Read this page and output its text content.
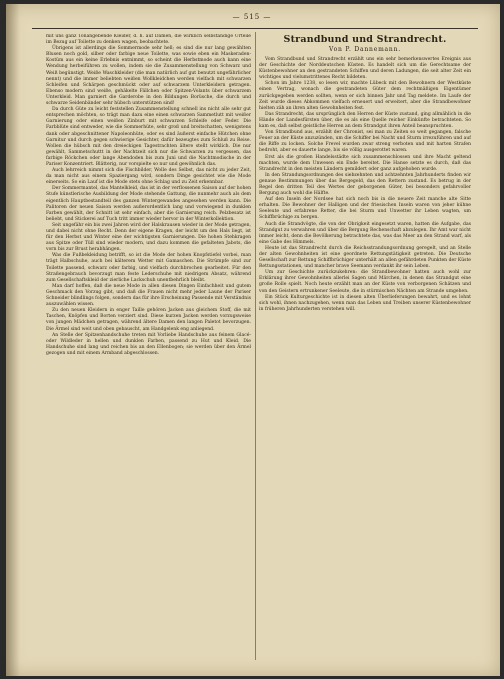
— 515 —

mit uns ganz Tonangebende Kleider, d. h. auf Damen, die wirklich selbständige Urteile im Bezug auf Toilette zu denken wagen, beobachtete.

Übrigens ist allerdings die Sommermode sehr hell; es sind die nur lang gewählten Blusen noch gold, silber oder farbige neue Toilette, was sowie eben ein Maskeraden-Kostüm aus ein keine Erlebnis entnimmt, so scheint die Herbstmode auch kann eine Wendung herbeiführen zu wollen, indem sie die Zusammenstellung von Schwarz und Weiß begünstigt. Weiße Waschkleider (die man natürlich auf gut benutzt ungefährlicher nennt) und die immer beliebten weißen Wollkleidchen werden vielfach mit schwarzen Schleifen und Schärpen geschmückt oder auf schwarzem Unterkleidern getragen. Ebenso modern sind weiße, gehäkelte Fällchen oder Spitzen-Volants über schwarzem Unterkleid. Man garniert die Garderobe in den Bildungen Borüsche, die durch und schwarze Seidenbänder sehr hübsch unterstützen sind!

Da durch Güte zu leicht feststellen Zusammenstellung schnell ins nicht alle sehr gut entsprechen möchten, so trägt man dazu eine einen schwarzen Sammetlutt mit weißer Garnierung oder einen weißen Zinburt mit schwarzen Schleife oder Feder. Die Farbblüte sind entweder, wie die Sommerhüte, sehr groß und breitschatten, wenigstens dank oder abgeschnittener Napoleonhüte, oder es sind äußerst einfache Hütchen ohne Garnitur und durch gegen schwierige Gesichter, dafür bezeugtes zum Schluß zu Reise. Wollen die hübsch mit den dreieckigen Tagestrachten ältere stellt wirklich. Die nur gewählt, Sammetschuttt in der Nachtzeit sich nur die Schwarzen zu vergessen, das farbige Röckchen oder lange Abendoden bis zum Juni und die Nachtmodische in der Pariser Konzentriert. Blätterig, nur vorspielte so nur und gewöhnlich das.

Auch lehrreich nimmt sich die Fischbilder, Wolle des Selbst, das nicht zu jeder Zeit, da man nicht aus einem Spaziergang wird, sondern Dinge gesichtet wie die Mode einerseits. So ein Lauf ist die Mode stets ohne Schlag und zu Zeit erkennbar.

Der Sommermantel, das Mantelkleid, das ist in der verflossenen Saison auf der hohen Stufe künstlerische Ausbildung der Mode stehende Gattung, die nunmehr auch als dem eigentlich Hauptbestandteil des ganzen Wintergewandes angesehen werden kann. Die Palitoren der neuen Saison werden außerordentlich lang und vorwiegend in dunklen Farben gewählt, der Schnitt ist sehr einfach, aber die Garnierung reich. Pelzbesatz ist beliebt, und Stickerei auf Tuch tritt immer wieder hervor in der Winterkollektion.

Seit ungefähr ein bis zwei Jahren wird der Halskrausen wieder in der Mode getragen, und dabei nicht ohne Recht. Denn der eigene Kragen, der leicht um den Hals liegt, ist für den Herbst und Winter eine der wichtigsten Garnierungen. Die hohen Stehkragen aus Spitze oder Tüll sind wieder modern, und dazu kommen die gefalteten Jabots, die vorn bis zur Brust herabhängen.

Was die Fußbekleidung betrifft, so ist die Mode der hohen Knopfstiefel vorbei, man trägt Halbschuhe, auch bei kälterem Wetter mit Gamaschen. Die Strümpfe sind zur Toilette passend, schwarz oder farbig, und vielfach durchbrochen gearbeitet. Für den Straßengebrauch bevorzugt man feste Lederschuhe mit niedrigem Absatz, während zum Gesellschaftskleid der zierliche Lackschuh unentbehrlich bleibt.

Man darf hoffen, daß die neue Mode in allen diesen Dingen Einfachheit und gutem Geschmack den Vorzug gibt, und daß die Frauen nicht mehr jeder Laune der Pariser Schneider blindlings folgen, sondern das für ihre Erscheinung Passende mit Verständnis auszuwählen wissen.

Zu den neuen Kleidern in enger Taille gehören Jacken aus gleichem Stoff, die mit Taschen, Knöpfen und Borten verziert sind. Diese kurzen Jacken werden vorzugsweise von jungen Mädchen getragen, während ältere Damen den langen Paletot bevorzugen. Die Ärmel sind weit und oben gebauscht, am Handgelenk eng anliegend.

An Stelle der Spitzenhandschuhe treten mit Vorliebe Handschuhe aus feinem Glacé- oder Wildleder in hellen und dunklen Farben, passend zu Hut und Kleid. Die Handschuhe sind lang und reichen bis an den Ellenbogen; sie werden über den Ärmel gezogen und mit einem Armband abgeschlossen.

Strandbund und Strandrecht.
Von P. Dannemann.

Vom Strandbund und Strandrecht erzählt uns ein sehr bemerkenswertes Ereignis aus der Geschichte der Norddeutschen Küsten. Es handelt sich um die Gerechtsame der Küstenbewohner an den gestrandeten Schiffen und deren Ladungen, die seit alter Zeit ein wichtiges und vielumstrittenes Recht bildeten.

Schon im Jahre 1238, so lesen wir, machte Lübeck mit den Bewohnern der Westküste einen Vertrag, wonach die gestrandeten Güter dem rechtmäßigen Eigentümer zurückgegeben werden sollten, wenn er sich binnen Jahr und Tag meldete. Im Laufe der Zeit wurde dieses Abkommen vielfach erneuert und erweitert, aber die Strandbewohner hielten zäh an ihren alten Gewohnheiten fest.

Das Strandrecht, das ursprünglich den Herren der Küste zustand, ging allmählich in die Hände der Landesfürsten über, die es als eine Quelle reicher Einkünfte betrachteten. So kam es, daß selbst geistliche Herren an dem Strandgut ihren Anteil beanspruchten.

Von Strandbund aus, erzählt der Chronist, sei man zu Zeiten so weit gegangen, falsche Feuer an der Küste anzuzünden, um die Schiffer bei Nacht und Sturm irrezuführen und auf die Riffe zu locken. Solche Frevel wurden zwar streng verboten und mit harten Strafen bedroht, aber es dauerte lange, bis sie völlig ausgerottet waren.

Erst als die großen Handelsstädte sich zusammenschlossen und ihre Macht geltend machten, wurde dem Unwesen ein Ende bereitet. Die Hanse setzte es durch, daß das Strandrecht in den meisten Ländern gemildert oder ganz aufgehoben wurde.

In den Strandungsordnungen des siebzehnten und achtzehnten Jahrhunderts finden wir genaue Bestimmungen über das Bergegeld, das den Rettern zustand. Es betrug in der Regel den dritten Teil des Wertes der geborgenen Güter, bei besonders gefahrvoller Bergung auch wohl die Hälfte.

Auf den Inseln der Nordsee hat sich noch bis in die neuere Zeit manche alte Sitte erhalten. Die Bewohner der Halligen und der friesischen Inseln waren von jeher kühne Seeleute und erfahrene Retter, die bei Sturm und Unwetter ihr Leben wagten, um Schiffbrüchige zu bergen.

Auch die Strandvögte, die von der Obrigkeit eingesetzt waren, hatten die Aufgabe, das Strandgut zu verwahren und über die Bergung Rechenschaft abzulegen. Ihr Amt war nicht immer leicht, denn die Bevölkerung betrachtete das, was das Meer an den Strand warf, als eine Gabe des Himmels.

Heute ist das Strandrecht durch die Reichsstrandungsordnung geregelt, und an Stelle der alten Gewohnheiten ist eine geordnete Rettungstätigkeit getreten. Die Deutsche Gesellschaft zur Rettung Schiffbrüchiger unterhält an allen gefährdeten Punkten der Küste Rettungsstationen, und mancher brave Seemann verdankt ihr sein Leben.

Um zur Geschichte zurückzukehren: die Strandbewohner hatten auch wohl zur Erklärung ihrer Gewohnheiten allerlei Sagen und Märchen, in denen das Strandgut eine große Rolle spielt. Noch heute erzählt man an der Küste von verborgenen Schätzen und von den Geistern ertrunkener Seeleute, die in stürmischen Nächten am Strande umgehen.

Ein Stück Kulturgeschichte ist in diesen alten Überlieferungen bewahrt, und es lohnt sich wohl, ihnen nachzugehen, wenn man das Leben und Treiben unserer Küstenbewohner in früheren Jahrhunderten verstehen will.
